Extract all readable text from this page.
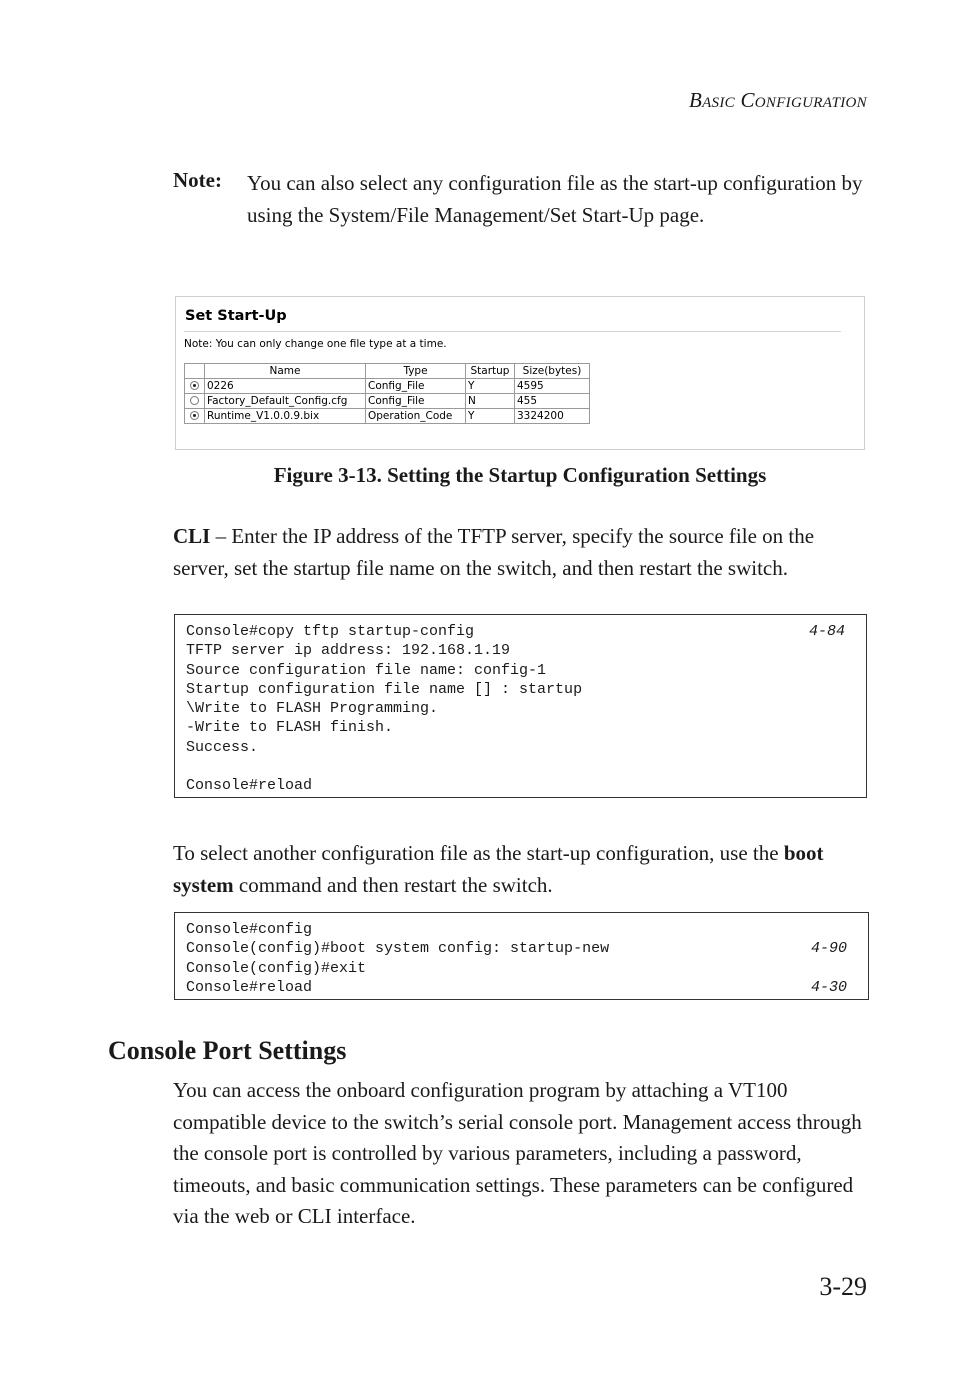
Basic Configuration
Note: You can also select any configuration file as the start-up configuration by using the System/File Management/Set Start-Up page.
Set Start-Up
Note: You can only change one file type at a time.
	Name	Type	Startup	Size(bytes)
	0226	Config_File	Y	4595
	Factory_Default_Config.cfg	Config_File	N	455
	Runtime_V1.0.0.9.bix	Operation_Code	Y	3324200
Figure 3-13. Setting the Startup Configuration Settings
CLI – Enter the IP address of the TFTP server, specify the source file on the server, set the startup file name on the switch, and then restart the switch.
Console#copy tftp startup-config	4-84
TFTP server ip address: 192.168.1.19
Source configuration file name: config-1
Startup configuration file name [] : startup
\Write to FLASH Programming.
-Write to FLASH finish.
Success.
Console#reload
To select another configuration file as the start-up configuration, use the boot system command and then restart the switch.
Console#config
Console(config)#boot system config: startup-new	4-90
Console(config)#exit
Console#reload	4-30
Console Port Settings
You can access the onboard configuration program by attaching a VT100 compatible device to the switch’s serial console port. Management access through the console port is controlled by various parameters, including a password, timeouts, and basic communication settings. These parameters can be configured via the web or CLI interface.
3-29
